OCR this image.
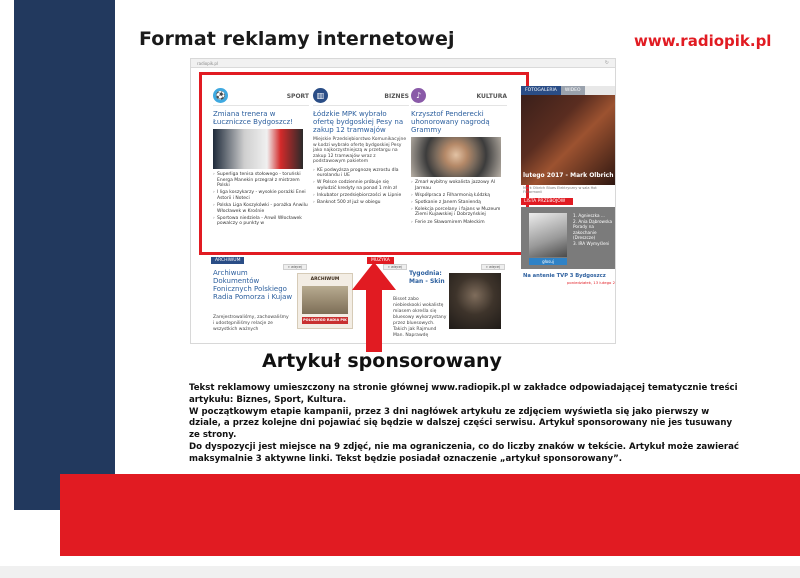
Format reklamy internetowej	www.radiopik.pl
radiopik.pl	↻
⚽	SPORT
Zmiana trenera w Łuczniczce Bydgoszcz!
› Superliga tenisa stołowego - toruński Energa Manekin przegrał z mistrzem Polski
› I liga koszykarzy - wysokie porażki Enei Astorii i Noteci
› Polska Liga Koszykówki - porażka Anwilu Włocławek w Krośnie
› Sportowa niedziela - Anwil Włocławek powalczy o punkty w
» więcej
▥	BIZNES
Łódzkie MPK wybrało ofertę bydgoskiej Pesy na zakup 12 tramwajów
Miejskie Przedsiębiorstwo Komunikacyjne w Łodzi wybrało ofertę bydgoskiej Pesy jako najkorzystniejszą w przetargu na zakup 12 tramwajów wraz z podstawowym pakietem
› KE podwyższa prognozę wzrostu dla eurolandu i UE
› W Polsce codziennie próbuje się wyłudzić kredyty na ponad 1 mln zł
› Inkubator przedsiębiorczości w Lipnie
› Banknot 500 zł już w obiegu
» więcej
♪	KULTURA
Krzysztof Penderecki uhonorowany nagrodą Grammy
› Zmarł wybitny wokalista jazzowy Al Jarreau
› Współpraca z Filharmonią Łódzką
› Spotkanie z Janem Staniendą
› Kolekcja porcelany i fajans w Muzeum Ziemi Kujawskiej i Dobrzyńskiej
› Ferie ze Sławomirem Małeckim
» więcej
FOTOGALERIA WIDEO
lutego 2017 - Mark Olbrich
Mark Olbrich Blues Elektryczny w sala Hot Filharmonii
LISTA PRZEBOJÓW
głosuj
1. Agnieszka ...
2. Ania Dąbrowska Porady na zakochanie (Dreszcze)
3. IRA Wymyśleni
Na antenie TVP 3 Bydgoszcz
poniedziałek, 13 lutego 2
ARCHIWUM	MUZYKA
Archiwum Dokumentów Fonicznych Polskiego Radia Pomorza i Kujaw
Zarejestrowaliśmy, zachowaliśmy i udostępniliśmy relacje ze wszystkich ważnych
ARCHIWUM
POLSKIEGO RADIA PiK
Tygodnia: Man - Skin
Bisset zabo niebieskooki wokalistę miasem określa się bluesowy wykorzystany przez bluesowych. Takich jak Rajmund Man. Naprawdę
Artykuł sponsorowany

Tekst reklamowy umieszczony na stronie głównej www.radiopik.pl w zakładce odpowiadającej tematycznie treści artykułu: Biznes, Sport, Kultura.

W początkowym etapie kampanii, przez 3 dni nagłówek artykułu ze zdjęciem wyświetla się jako pierwszy w dziale, a przez kolejne dni pojawiać się będzie w dalszej części serwisu. Artykuł sponsorowany nie jes tusuwany ze strony.

Do dyspozycji jest miejsce na 9 zdjęć, nie ma ograniczenia, co do liczby znaków w tekście. Artykuł może zawierać maksymalnie 3 aktywne linki. Tekst będzie posiadał oznaczenie „artykuł sponsorowany”.
